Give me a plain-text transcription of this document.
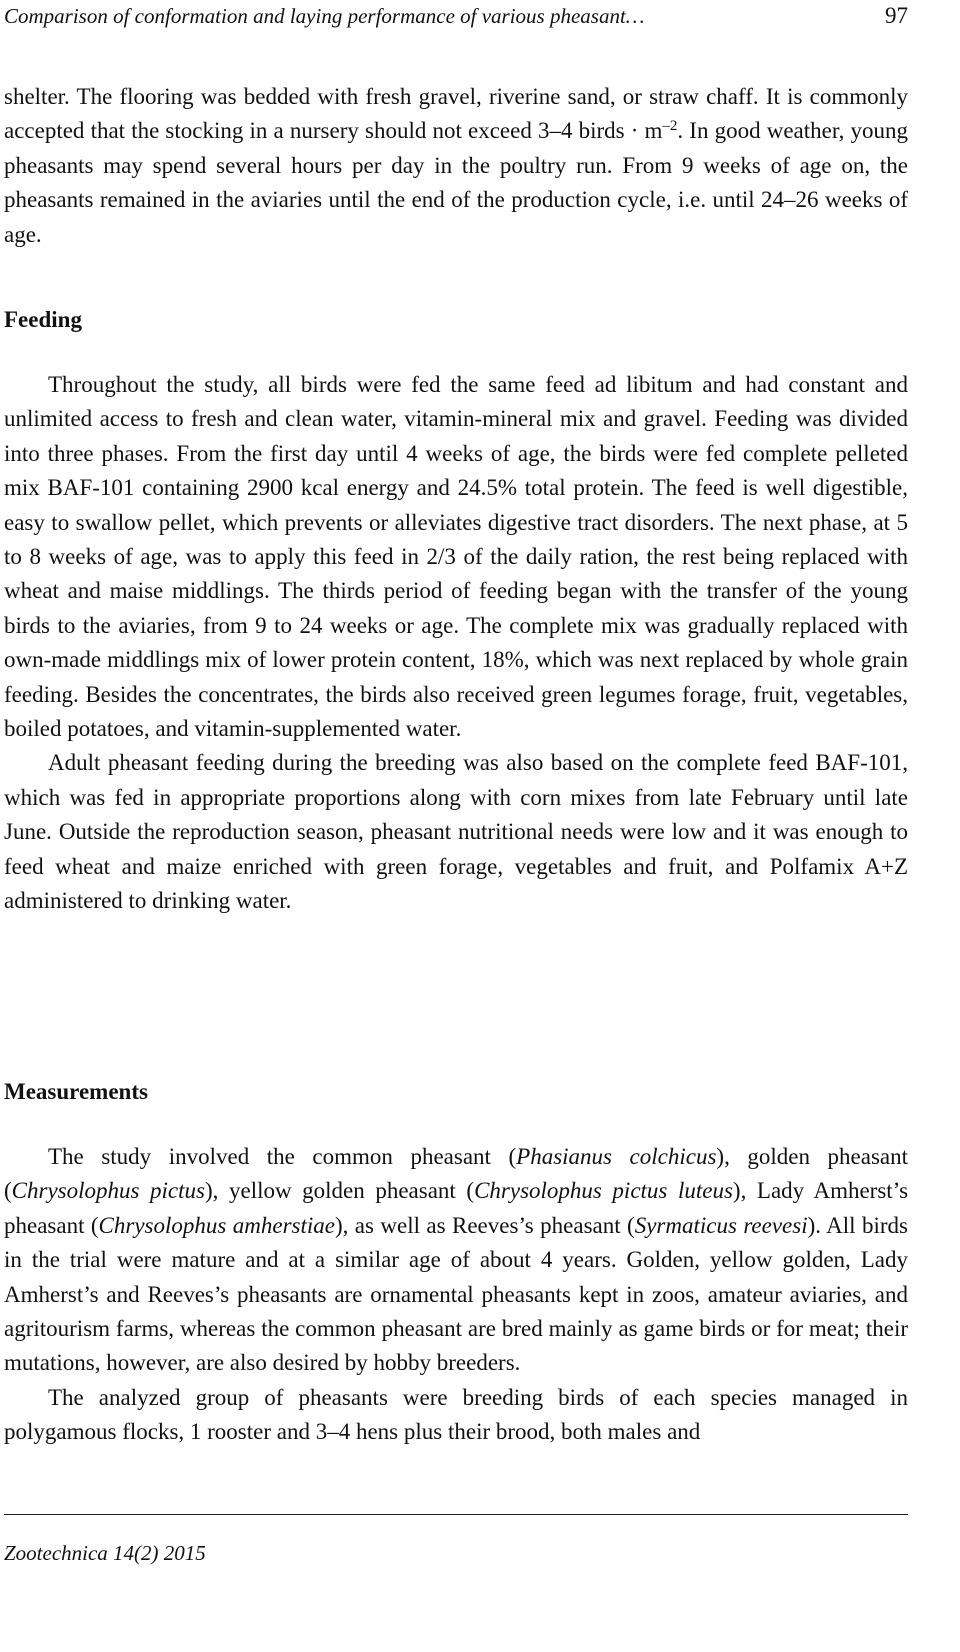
Comparison of conformation and laying performance of various pheasant…	97

shelter. The flooring was bedded with fresh gravel, riverine sand, or straw chaff. It is commonly accepted that the stocking in a nursery should not exceed 3–4 birds · $m^{-2}$. In good weather, young pheasants may spend several hours per day in the poultry run. From 9 weeks of age on, the pheasants remained in the aviaries until the end of the production cycle, i.e. until 24–26 weeks of age.

Feeding

Throughout the study, all birds were fed the same feed ad libitum and had constant and unlimited access to fresh and clean water, vitamin-mineral mix and gravel. Feeding was divided into three phases. From the first day until 4 weeks of age, the birds were fed complete pelleted mix BAF-101 containing 2900 kcal energy and 24.5% total protein. The feed is well digestible, easy to swallow pellet, which prevents or alleviates digestive tract disorders. The next phase, at 5 to 8 weeks of age, was to apply this feed in 2/3 of the daily ration, the rest being replaced with wheat and maise middlings. The thirds period of feeding began with the transfer of the young birds to the aviaries, from 9 to 24 weeks or age. The complete mix was gradually replaced with own-made middlings mix of lower protein content, 18%, which was next replaced by whole grain feeding. Besides the concentrates, the birds also received green legumes forage, fruit, vegetables, boiled potatoes, and vitamin-supplemented water.

Adult pheasant feeding during the breeding was also based on the complete feed BAF-101, which was fed in appropriate proportions along with corn mixes from late February until late June. Outside the reproduction season, pheasant nutritional needs were low and it was enough to feed wheat and maize enriched with green forage, vegetables and fruit, and Polfamix A+Z administered to drinking water.

Measurements

The study involved the common pheasant (Phasianus colchicus), golden pheasant (Chrysolophus pictus), yellow golden pheasant (Chrysolophus pictus luteus), Lady Amherst’s pheasant (Chrysolophus amherstiae), as well as Reeves’s pheasant (Syrmaticus reevesi). All birds in the trial were mature and at a similar age of about 4 years. Golden, yellow golden, Lady Amherst’s and Reeves’s pheasants are ornamental pheasants kept in zoos, amateur aviaries, and agritourism farms, whereas the common pheasant are bred mainly as game birds or for meat; their mutations, however, are also desired by hobby breeders.

The analyzed group of pheasants were breeding birds of each species managed in polygamous flocks, 1 rooster and 3–4 hens plus their brood, both males and

Zootechnica 14(2) 2015
